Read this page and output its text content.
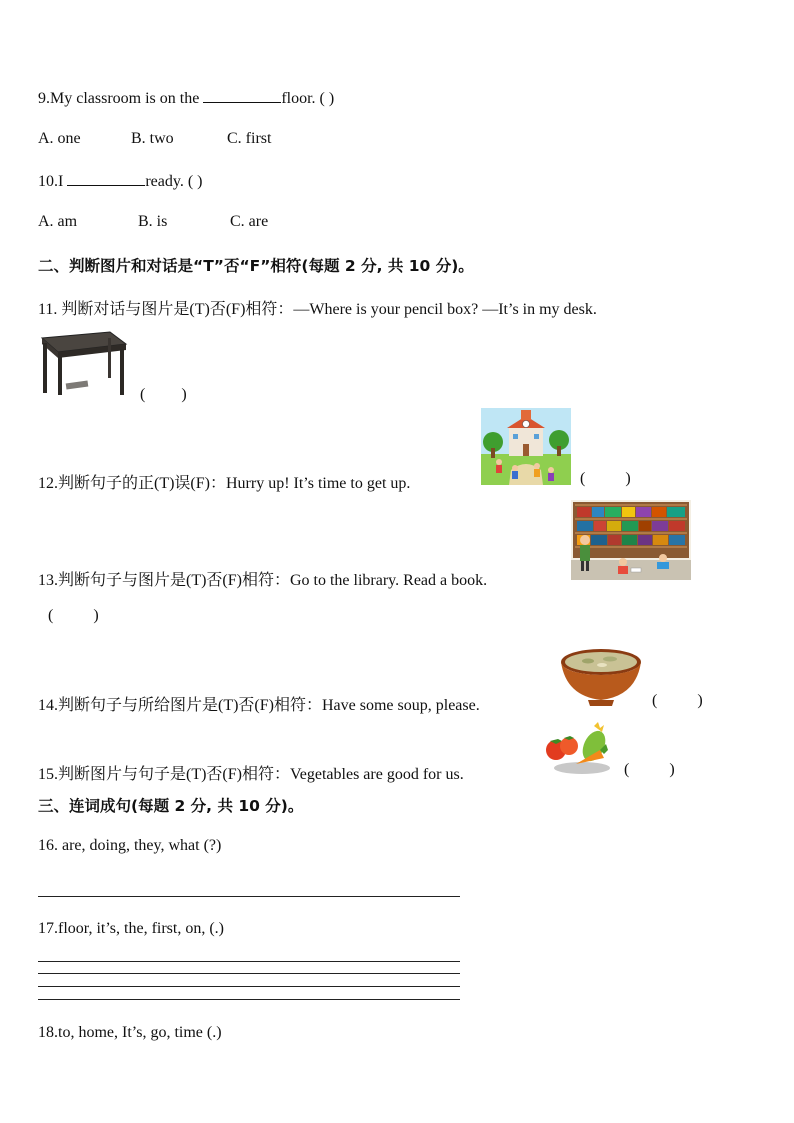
9.My classroom is on the	floor. ( )
A. one	B. two	C. first
10.I	ready. ( )
A. am	B. is	C. are
二、判断图片和对话是“T”否“F”相符(每题 2 分, 共 10 分)。
11. 判断对话与图片是(T)否(F)相符：—Where is your pencil box? —It’s in my desk.
(         )
12.判断句子的正(T)误(F)：Hurry up! It’s time to get up.	(          )
13.判断句子与图片是(T)否(F)相符：Go to the library. Read a book.
(          )
14.判断句子与所给图片是(T)否(F)相符：Have some soup, please.	(          )
15.判断图片与句子是(T)否(F)相符：Vegetables are good for us.	(          )
三、连词成句(每题 2 分, 共 10 分)。
16. are, doing, they, what (?)
17.floor, it’s, the, first, on, (.)
18.to, home, It’s, go, time (.)
